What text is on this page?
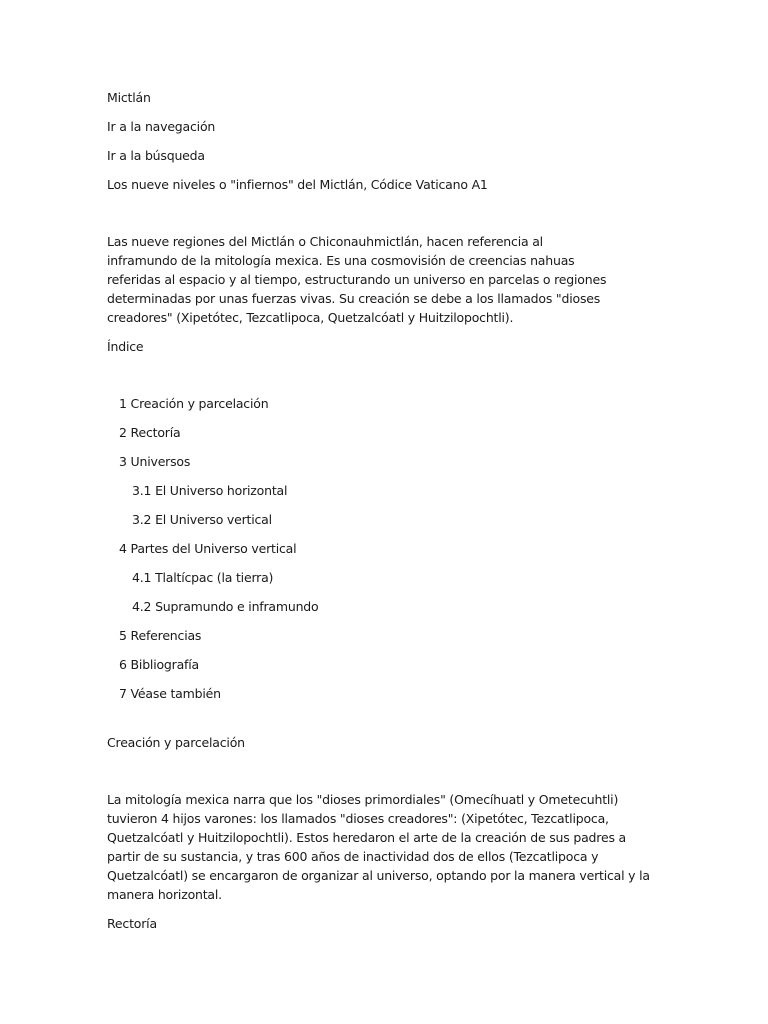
Mictlán

Ir a la navegación

Ir a la búsqueda

Los nueve niveles o "infiernos" del Mictlán, Códice Vaticano A1

Las nueve regiones del Mictlán o Chiconauhmictlán, hacen referencia al inframundo de la mitología mexica. Es una cosmovisión de creencias nahuas referidas al espacio y al tiempo, estructurando un universo en parcelas o regiones determinadas por unas fuerzas vivas. Su creación se debe a los llamados "dioses creadores" (Xipetótec, Tezcatlipoca, Quetzalcóatl y Huitzilopochtli).

Índice

1 Creación y parcelación
2 Rectoría
3 Universos
3.1 El Universo horizontal
3.2 El Universo vertical
4 Partes del Universo vertical
4.1 Tlaltícpac (la tierra)
4.2 Supramundo e inframundo
5 Referencias
6 Bibliografía
7 Véase también

Creación y parcelación

La mitología mexica narra que los "dioses primordiales" (Omecíhuatl y Ometecuhtli) tuvieron 4 hijos varones: los llamados "dioses creadores": (Xipetótec, Tezcatlipoca, Quetzalcóatl y Huitzilopochtli). Estos heredaron el arte de la creación de sus padres a partir de su sustancia, y tras 600 años de inactividad dos de ellos (Tezcatlipoca y Quetzalcóatl) se encargaron de organizar al universo, optando por la manera vertical y la manera horizontal.

Rectoría
